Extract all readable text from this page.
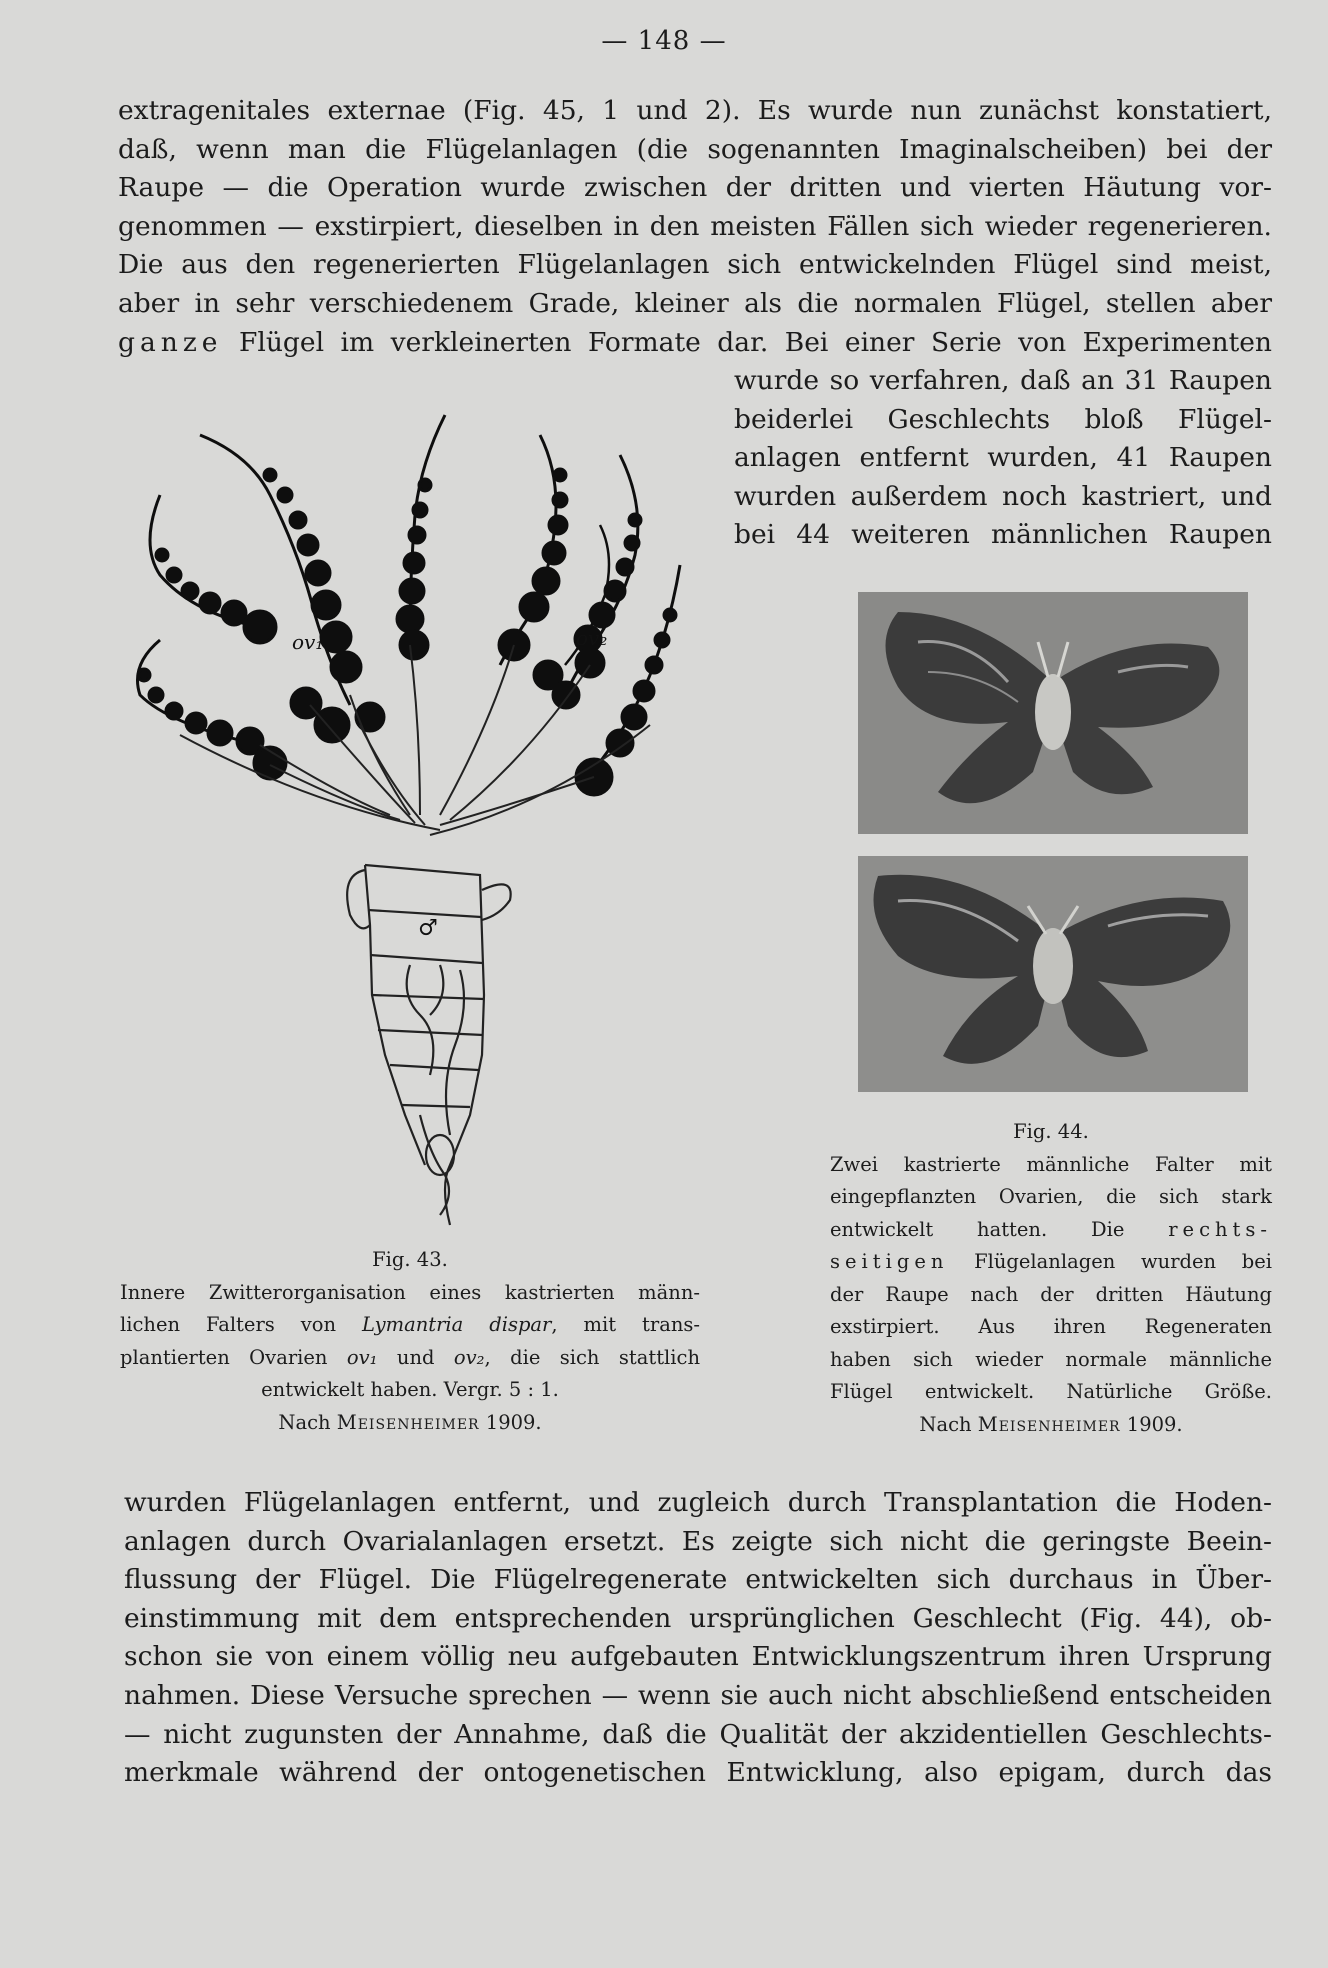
— 148 —
extragenitales externae (Fig. 45, 1 und 2). Es wurde nun zunächst konstatiert,
daß, wenn man die Flügelanlagen (die sogenannten Imaginalscheiben) bei der
Raupe — die Operation wurde zwischen der dritten und vierten Häutung vor-
genommen — exstirpiert, dieselben in den meisten Fällen sich wieder regenerieren.
Die aus den regenerierten Flügelanlagen sich entwickelnden Flügel sind meist,
aber in sehr verschiedenem Grade, kleiner als die normalen Flügel, stellen aber
ganze Flügel im verkleinerten Formate dar. Bei einer Serie von Experimenten
wurde so verfahren, daß an 31 Raupen
beiderlei Geschlechts bloß Flügel-
anlagen entfernt wurden, 41 Raupen
wurden außerdem noch kastriert, und
bei 44 weiteren männlichen Raupen
ov₁	ov₂
♂
Fig. 43.
Innere Zwitterorganisation eines kastrierten männ-
lichen Falters von Lymantria dispar, mit trans-
plantierten Ovarien ov₁ und ov₂, die sich stattlich
entwickelt haben. Vergr. 5 : 1.
Nach Meisenheimer 1909.
Fig. 44.
Zwei kastrierte männliche Falter mit
eingepflanzten Ovarien, die sich stark
entwickelt hatten. Die rechts-
seitigen Flügelanlagen wurden bei
der Raupe nach der dritten Häutung
exstirpiert. Aus ihren Regeneraten
haben sich wieder normale männliche
Flügel entwickelt. Natürliche Größe.
Nach Meisenheimer 1909.
wurden Flügelanlagen entfernt, und zugleich durch Transplantation die Hoden-
anlagen durch Ovarialanlagen ersetzt. Es zeigte sich nicht die geringste Beein-
flussung der Flügel. Die Flügelregenerate entwickelten sich durchaus in Über-
einstimmung mit dem entsprechenden ursprünglichen Geschlecht (Fig. 44), ob-
schon sie von einem völlig neu aufgebauten Entwicklungszentrum ihren Ursprung
nahmen. Diese Versuche sprechen — wenn sie auch nicht abschließend entscheiden
— nicht zugunsten der Annahme, daß die Qualität der akzidentiellen Geschlechts-
merkmale während der ontogenetischen Entwicklung, also epigam, durch das
